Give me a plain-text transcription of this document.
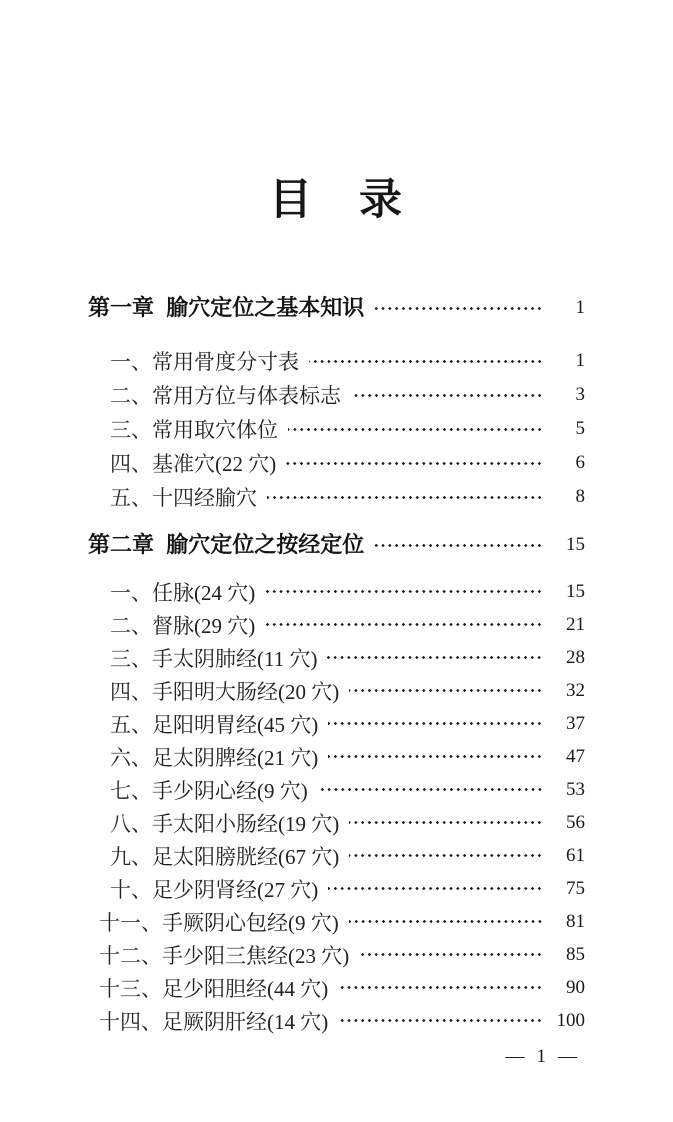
目　录
第一章  腧穴定位之基本知识	1
一、常用骨度分寸表	1
二、常用方位与体表标志	3
三、常用取穴体位	5
四、基准穴(22 穴)	6
五、十四经腧穴	8
第二章  腧穴定位之按经定位	15
一、任脉(24 穴)	15
二、督脉(29 穴)	21
三、手太阴肺经(11 穴)	28
四、手阳明大肠经(20 穴)	32
五、足阳明胃经(45 穴)	37
六、足太阴脾经(21 穴)	47
七、手少阴心经(9 穴)	53
八、手太阳小肠经(19 穴)	56
九、足太阳膀胱经(67 穴)	61
十、足少阴肾经(27 穴)	75
十一、手厥阴心包经(9 穴)	81
十二、手少阳三焦经(23 穴)	85
十三、足少阳胆经(44 穴)	90
十四、足厥阴肝经(14 穴)	100
— 1 —
